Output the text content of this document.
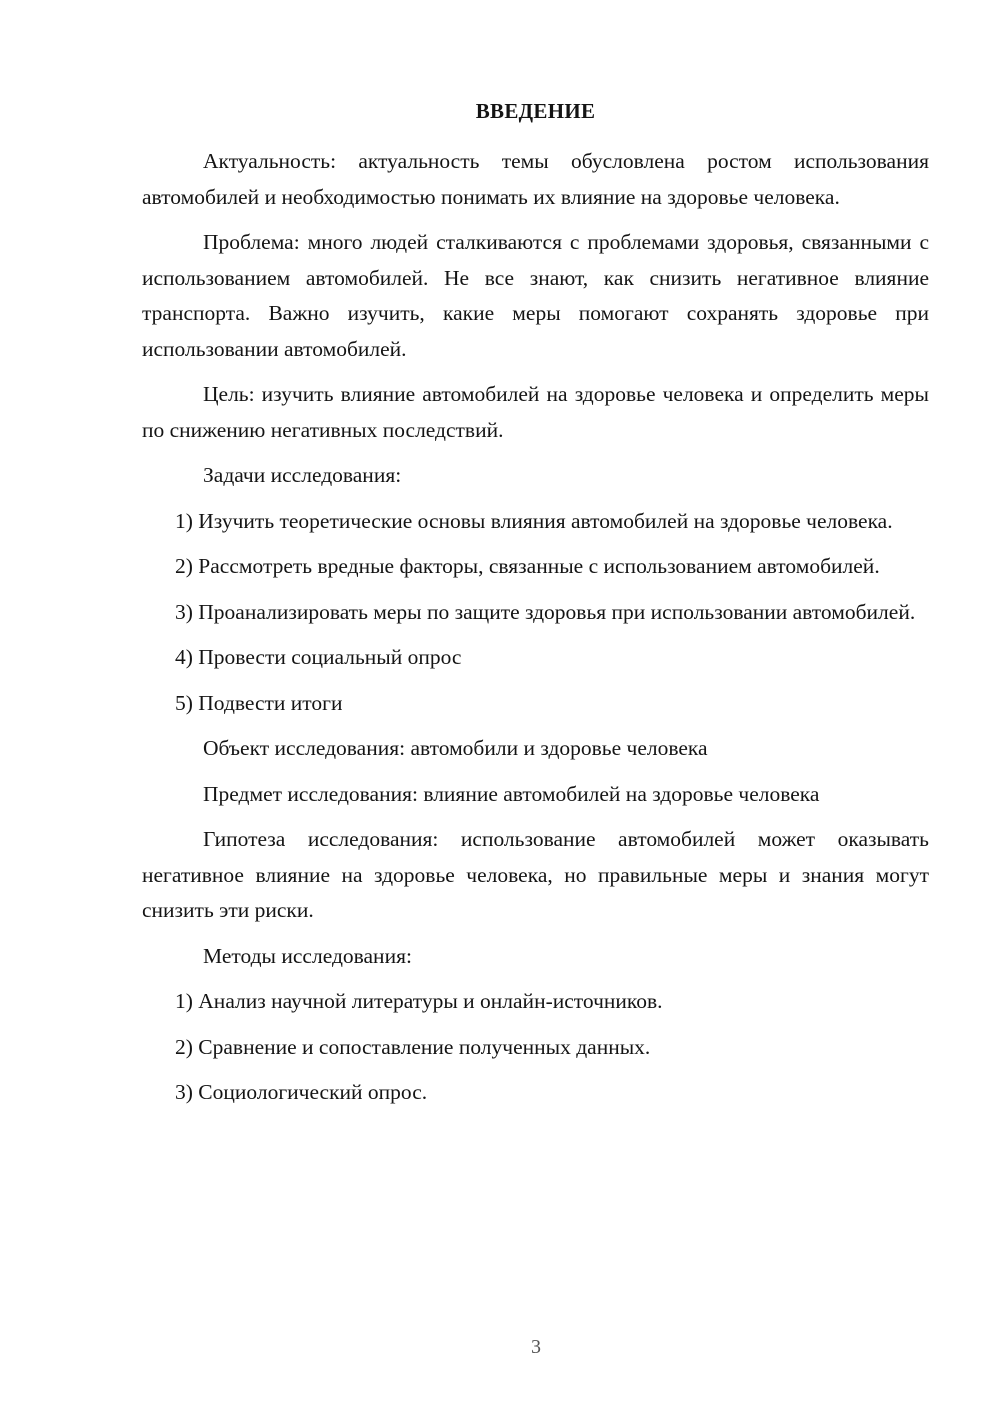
ВВЕДЕНИЕ

Актуальность: актуальность темы обусловлена ростом использования автомобилей и необходимостью понимать их влияние на здоровье человека.

Проблема: много людей сталкиваются с проблемами здоровья, связанными с использованием автомобилей. Не все знают, как снизить негативное влияние транспорта. Важно изучить, какие меры помогают сохранять здоровье при использовании автомобилей.

Цель: изучить влияние автомобилей на здоровье человека и определить меры по снижению негативных последствий.

Задачи исследования:

1) Изучить теоретические основы влияния автомобилей на здоровье человека.

2) Рассмотреть вредные факторы, связанные с использованием автомобилей.

3) Проанализировать меры по защите здоровья при использовании автомобилей.

4) Провести социальный опрос

5) Подвести итоги

Объект исследования: автомобили и здоровье человека

Предмет исследования: влияние автомобилей на здоровье человека

Гипотеза исследования: использование автомобилей может оказывать негативное влияние на здоровье человека, но правильные меры и знания могут снизить эти риски.

Методы исследования:

1) Анализ научной литературы и онлайн-источников.

2) Сравнение и сопоставление полученных данных.

3) Социологический опрос.

3
